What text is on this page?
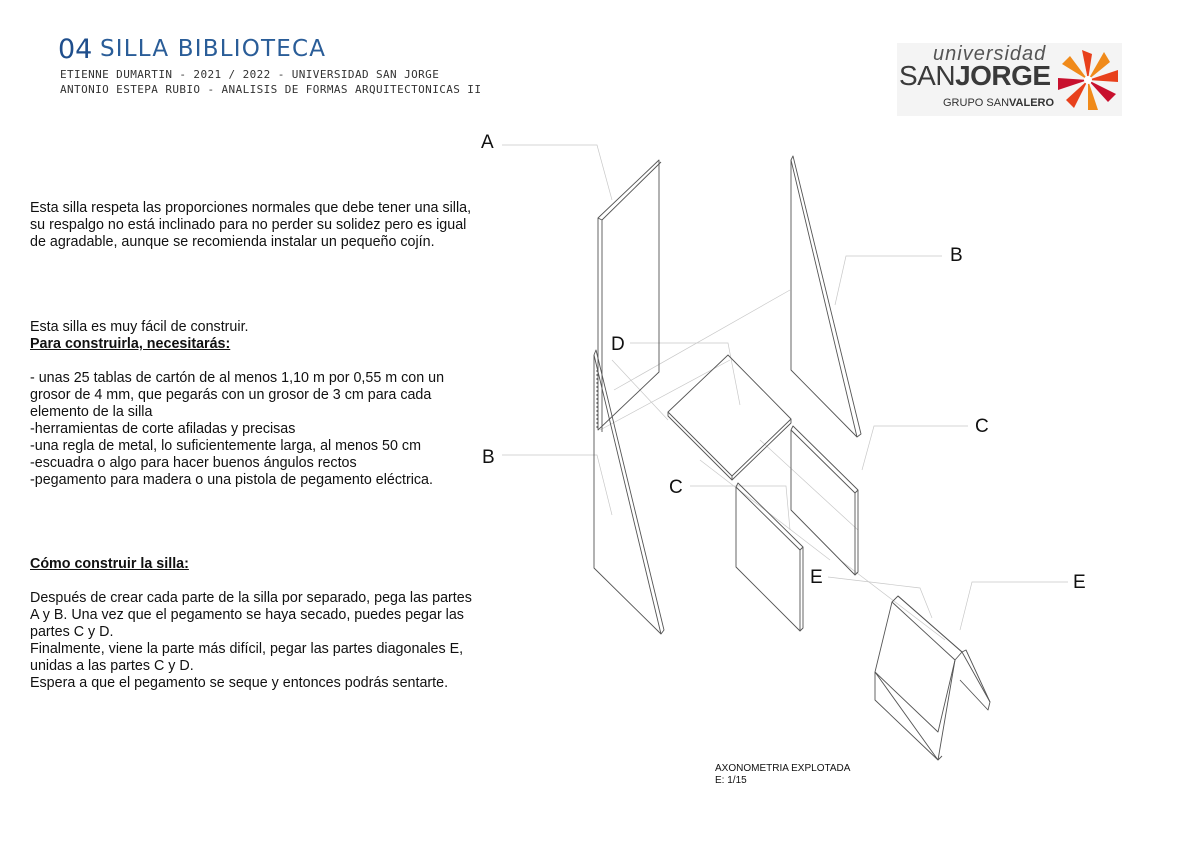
04 SILLA BIBLIOTECA
ETIENNE DUMARTIN - 2021 / 2022 - UNIVERSIDAD SAN JORGE
ANTONIO ESTEPA RUBIO - ANALISIS DE FORMAS ARQUITECTONICAS II
universidad
SANJORGE
GRUPO SANVALERO

Esta silla respeta las proporciones normales que debe tener una silla, su respalgo no está inclinado para no perder su solidez pero es igual de agradable, aunque se recomienda instalar un pequeño cojín.

Esta silla es muy fácil de construir.

Para construirla, necesitarás:

- unas 25 tablas de cartón de al menos 1,10 m por 0,55 m con un grosor de 4 mm, que pegarás con un grosor de 3 cm para cada elemento de la silla

-herramientas de corte afiladas y precisas

-una regla de metal, lo suficientemente larga, al menos 50 cm

-escuadra o algo para hacer buenos ángulos rectos

-pegamento para madera o una pistola de pegamento eléctrica.

Cómo construir la silla:

Después de crear cada parte de la silla por separado, pega las partes A y B. Una vez que el pegamento se haya secado, puedes pegar las partes C y D.

Finalmente, viene la parte más difícil, pegar las partes diagonales E, unidas a las partes C y D.

Espera a que el pegamento se seque y entonces podrás sentarte.

A
B
D
C
B
C
E	E

AXONOMETRIA EXPLOTADA

E: 1/15
